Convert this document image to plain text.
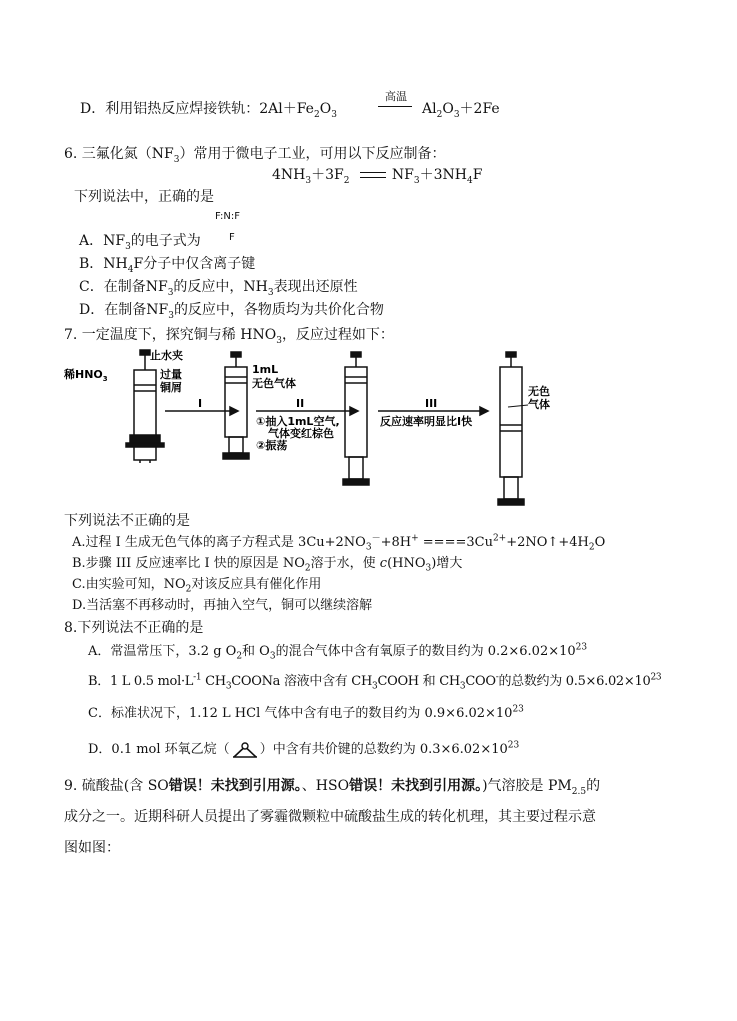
D．利用铝热反应焊接铁轨：$2Al+Fe_2O_3$
高温
$Al_2O_3+2Fe$
6. 三氟化氮$(NF_3)$常用于微电子工业，可用以下反应制备：
$4NH_3+3F_2$	$NF_3+3NH_4F$
下列说法中，正确的是
F:N:F
F
A．$NF_3$的电子式为
B．$NH_4F$分子中仅含离子键
C．在制备$NF_3$的反应中，$NH_3$表现出还原性
D．在制备$NF_3$的反应中，各物质均为共价化合物
7. 一定温度下，探究铜与稀 $HNO_3$，反应过程如下：
止水夹
稀$HNO_3$	过量
铜屑
I
1mL
无色气体
II
①抽入1mL空气,
气体变红棕色
②振荡
III
反应速率明显比I快
无色
气体
下列说法不正确的是
A.过程 I 生成无色气体的离子方程式是 $3Cu+2NO_3^-+8H^+$ $====3Cu^{2+}+2NO↑+4H_2O$
B.步骤 III 反应速率比 I 快的原因是 $NO_2$溶于水，使 $c(HNO_3)$增大
C.由实验可知，$NO_2$对该反应具有催化作用
D.当活塞不再移动时，再抽入空气，铜可以继续溶解
8.下列说法不正确的是
A．常温常压下，3.2 g $O_2$和 $O_3$的混合气体中含有氧原子的数目约为 $0.2\times 6.02\times 10^{23}$
B．1 L 0.5 $mol\cdot L^{-1}$ $CH_3COONa$ 溶液中含有 $CH_3COOH$ 和 $CH_3COO^-$的总数约为 $0.5\times 6.02\times 10^{23}$
C．标准状况下，1.12 L HCl 气体中含有电子的数目约为 $0.9\times 6.02\times 10^{23}$
D．0.1 mol 环氧乙烷（ ）中含有共价键的总数约为 $0.3\times 6.02\times 10^{23}$
9. 硫酸盐(含 SO错误！未找到引用源。、HSO错误！未找到引用源。)气溶胶是 $PM_{2.5}$的
成分之一。近期科研人员提出了雾霾微颗粒中硫酸盐生成的转化机理，其主要过程示意
图如图：
